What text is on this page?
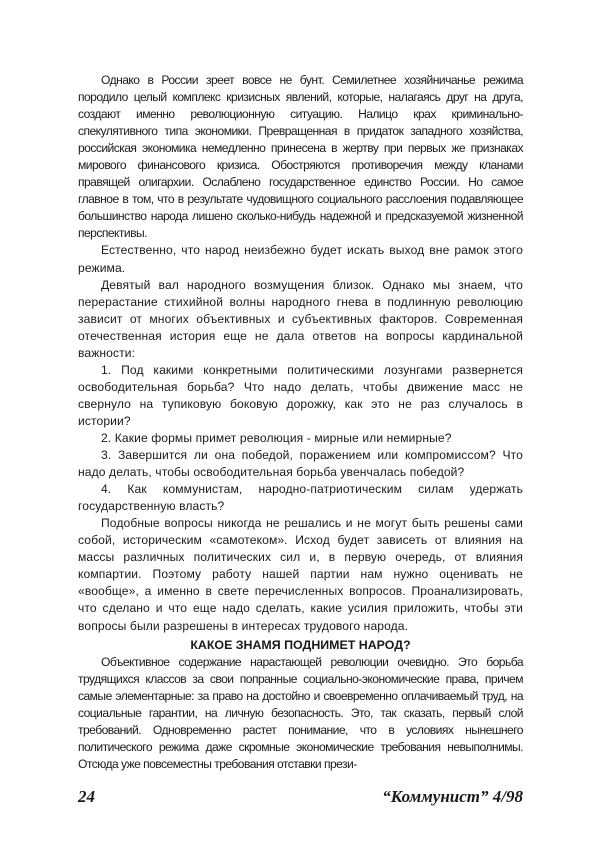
Однако в России зреет вовсе не бунт. Семилетнее хозяйничанье режима породило целый комплекс кризисных явлений, которые, налагаясь друг на друга, создают именно революционную ситуацию. Налицо крах криминально-спекулятивного типа экономики. Превращенная в придаток западного хозяйства, российская экономика немедленно принесена в жертву при первых же признаках мирового финансового кризиса. Обостряются противоречия между кланами правящей олигархии. Ослаблено государственное единство России. Но самое главное в том, что в результате чудовищного социального расслоения подавляющее большинство народа лишено сколько-нибудь надежной и предсказуемой жизненной перспективы.

Естественно, что народ неизбежно будет искать выход вне рамок этого режима.

Девятый вал народного возмущения близок. Однако мы знаем, что перерастание стихийной волны народного гнева в подлинную революцию зависит от многих объективных и субъективных факторов. Современная отечественная история еще не дала ответов на вопросы кардинальной важности:

1. Под какими конкретными политическими лозунгами развернется освободительная борьба? Что надо делать, чтобы движение масс не свернуло на тупиковую боковую дорожку, как это не раз случалось в истории?

2. Какие формы примет революция - мирные или немирные?

3. Завершится ли она победой, поражением или компромиссом? Что надо делать, чтобы освободительная борьба увенчалась победой?

4. Как коммунистам, народно-патриотическим силам удержать государственную власть?

Подобные вопросы никогда не решались и не могут быть решены сами собой, историческим «самотеком». Исход будет зависеть от влияния на массы различных политических сил и, в первую очередь, от влияния компартии. Поэтому работу нашей партии нам нужно оценивать не «вообще», а именно в свете перечисленных вопросов. Проанализировать, что сделано и что еще надо сделать, какие усилия приложить, чтобы эти вопросы были разрешены в интересах трудового народа.

КАКОЕ ЗНАМЯ ПОДНИМЕТ НАРОД?

Объективное содержание нарастающей революции очевидно. Это борьба трудящихся классов за свои попранные социально-экономические права, причем самые элементарные: за право на достойно и своевременно оплачиваемый труд, на социальные гарантии, на личную безопасность. Это, так сказать, первый слой требований. Одновременно растет понимание, что в условиях нынешнего политического режима даже скромные экономические требования невыполнимы. Отсюда уже повсеместны требования отставки прези-

24	“Коммунист” 4/98
